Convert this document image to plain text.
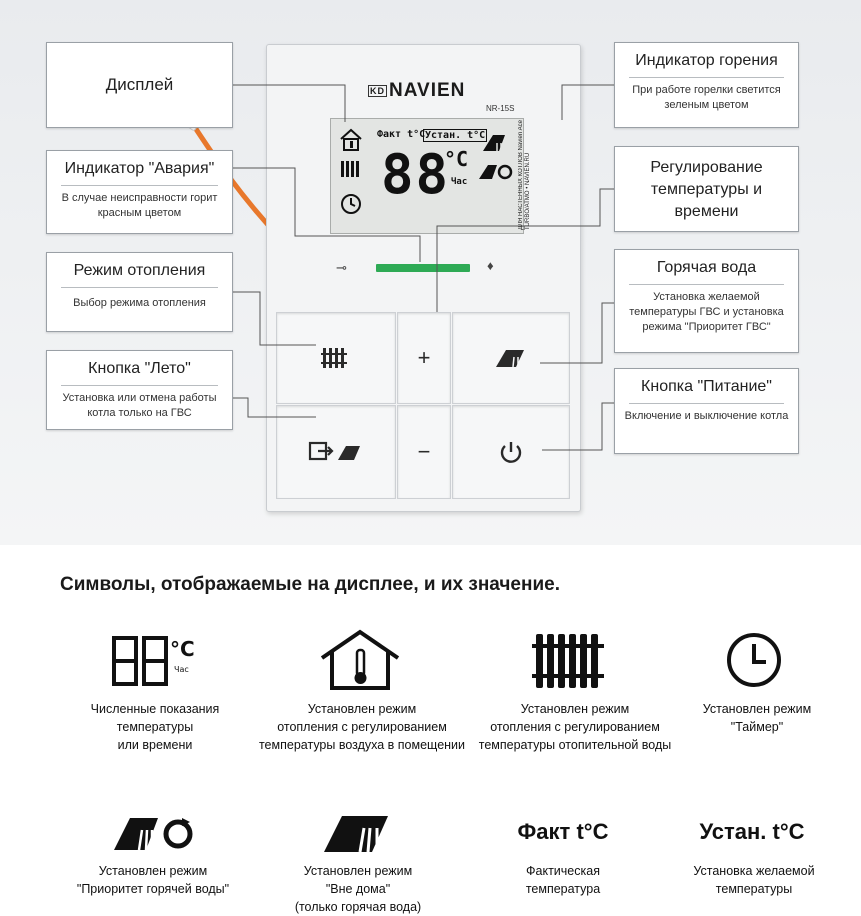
KD NAVIEN
NR-15S
Факт t°C Устан. t°C
88
°C
Час	ДЛЯ НАСТЕННЫХ КОТЛОВ Navien Ace TURBO/ATMO • NAVIEN.RU
⊸	♦
+
−
Дисплей
Индикатор "Авария"
В случае неисправности горит красным цветом
Режим отопления
Выбор режима отопления
Кнопка "Лето"
Установка или отмена работы котла только на ГВС
Индикатор горения
При работе горелки светится зеленым цветом
Регулирование температуры и времени
Горячая вода
Установка желаемой температуры ГВС и установка режима "Приоритет ГВС"
Кнопка "Питание"
Включение и выключение котла
Символы, отображаемые на дисплее, и их значение.
°C
Час
Численные показания
температуры
или времени
Установлен режим
отопления с регулированием
температуры воздуха в помещении
Установлен режим
отопления с регулированием
температуры отопительной воды
Установлен режим
"Таймер"
Факт t°C	Устан. t°C
Установлен режим
"Приоритет горячей воды"
Установлен режим
"Вне дома"
(только горячая вода)
Фактическая
температура
Установка желаемой
температуры
